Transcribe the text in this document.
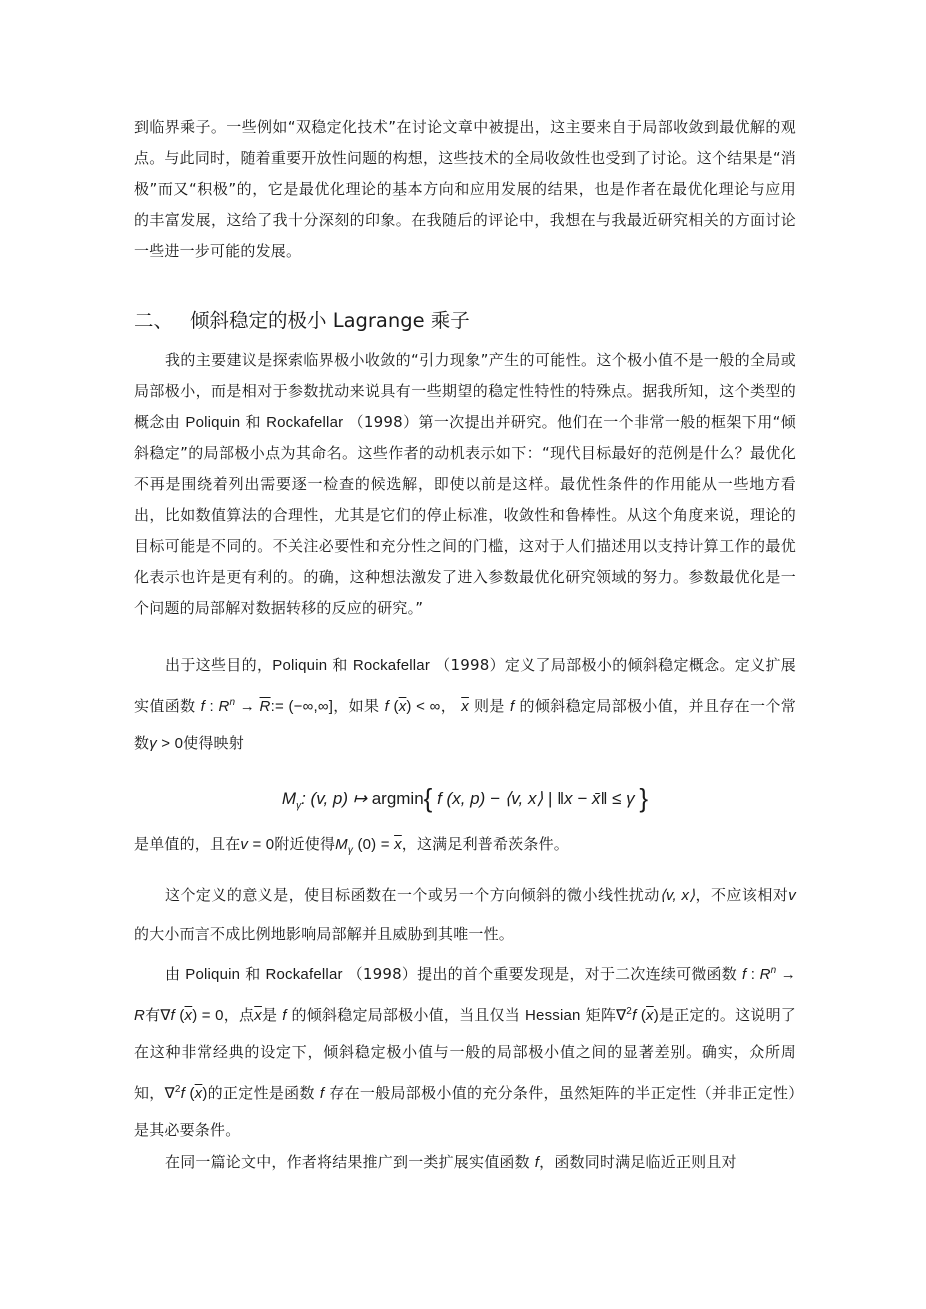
到临界乘子。一些例如“双稳定化技术”在讨论文章中被提出，这主要来自于局部收敛到最优解的观点。与此同时，随着重要开放性问题的构想，这些技术的全局收敛性也受到了讨论。这个结果是“消极”而又“积极”的，它是最优化理论的基本方向和应用发展的结果，也是作者在最优化理论与应用的丰富发展，这给了我十分深刻的印象。在我随后的评论中，我想在与我最近研究相关的方面讨论一些进一步可能的发展。

二、 倾斜稳定的极小 Lagrange 乘子

我的主要建议是探索临界极小收敛的“引力现象”产生的可能性。这个极小值不是一般的全局或局部极小，而是相对于参数扰动来说具有一些期望的稳定性特性的特殊点。据我所知，这个类型的概念由 Poliquin 和 Rockafellar （1998）第一次提出并研究。他们在一个非常一般的框架下用“倾斜稳定”的局部极小点为其命名。这些作者的动机表示如下：“现代目标最好的范例是什么？最优化不再是围绕着列出需要逐一检查的候选解，即使以前是这样。最优性条件的作用能从一些地方看出，比如数值算法的合理性，尤其是它们的停止标准，收敛性和鲁棒性。从这个角度来说，理论的目标可能是不同的。不关注必要性和充分性之间的门槛，这对于人们描述用以支持计算工作的最优化表示也许是更有利的。的确，这种想法激发了进入参数最优化研究领域的努力。参数最优化是一个问题的局部解对数据转移的反应的研究。”

出于这些目的，Poliquin 和 Rockafellar （1998）定义了局部极小的倾斜稳定概念。定义扩展实值函数 f : $R^n$ → $\overline{R}:=$ (−∞,∞]，如果 f $(\overline{x})$ < ∞， $\overline{x}$ 则是 f 的倾斜稳定局部极小值，并且存在一个常数γ > 0使得映射

$M_\gamma$: (v, p) ↦ argmin{ f (x, p) − ⟨v, x⟩ | ‖x − x̄‖ ≤ γ }

是单值的，且在v = 0附近使得$M_\gamma$ $(0) = \overline{x}$，这满足利普希茨条件。

这个定义的意义是，使目标函数在一个或另一个方向倾斜的微小线性扰动⟨v, x⟩，不应该相对v的大小而言不成比例地影响局部解并且威胁到其唯一性。

由 Poliquin 和 Rockafellar （1998）提出的首个重要发现是，对于二次连续可微函数 f : $R^n \to R$有∇f $(\overline{x}) = 0$，点$\overline{x}$是 f 的倾斜稳定局部极小值，当且仅当 Hessian 矩阵∇$^2$f $(\overline{x})$是正定的。这说明了在这种非常经典的设定下，倾斜稳定极小值与一般的局部极小值之间的显著差别。确实，众所周知，∇$^2$f $(\overline{x})$的正定性是函数 f 存在一般局部极小值的充分条件，虽然矩阵的半正定性（并非正定性）是其必要条件。

在同一篇论文中，作者将结果推广到一类扩展实值函数 f，函数同时满足临近正则且对
